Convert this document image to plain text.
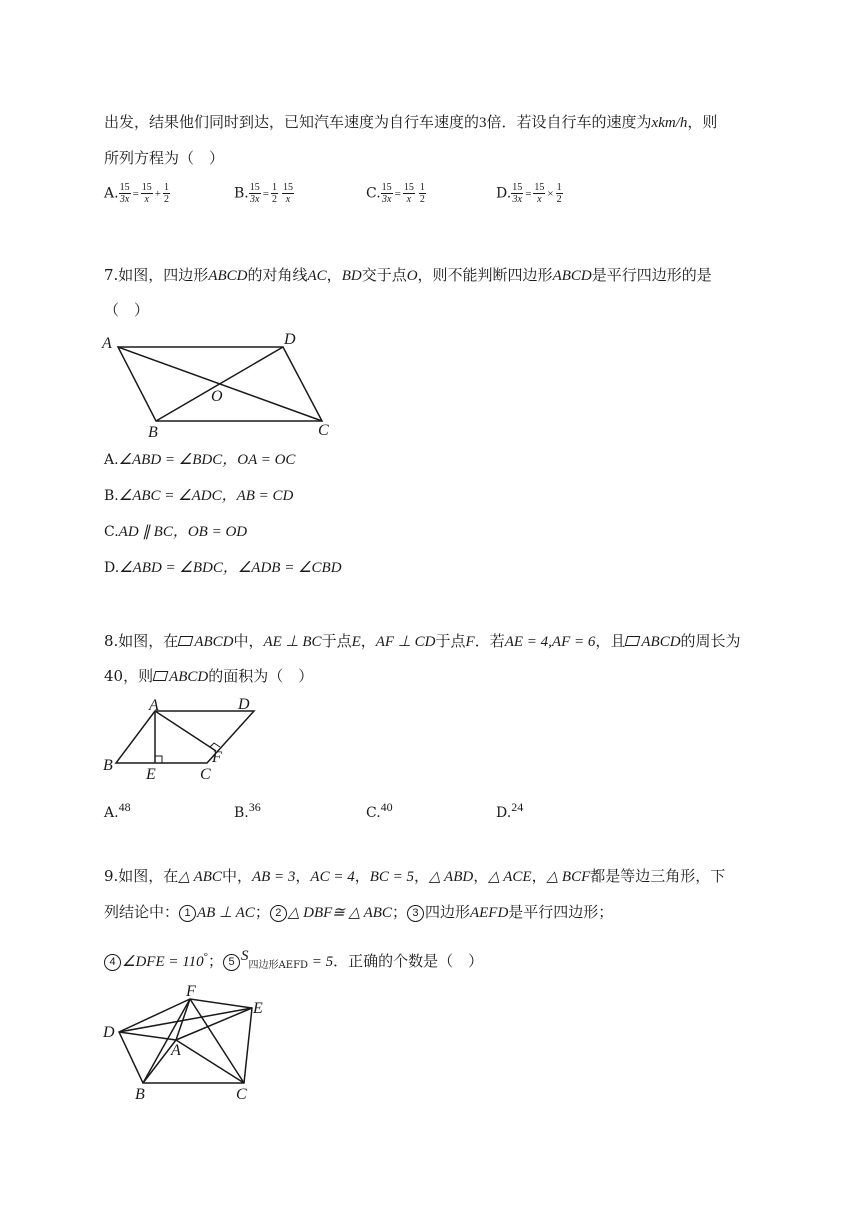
出发，结果他们同时到达，已知汽车速度为自行车速度的3倍．若设自行车的速度为xkm/h，则
所列方程为（　）
A. $\frac{15}{3x} = \frac{15}{x} + \frac{1}{2}$	B. $\frac{15}{3x} = \frac{1}{2} \frac{15}{x}$	C. $\frac{15}{3x} = \frac{15}{x} \frac{1}{2}$	D. $\frac{15}{3x} = \frac{15}{x} \times \frac{1}{2}$
7.如图，四边形ABCD的对角线AC，BD交于点O，则不能判断四边形ABCD是平行四边形的是
（　）
A	D
O
B	C
A.∠ABD = ∠BDC，OA = OC
B.∠ABC = ∠ADC，AB = CD
C.AD ∥ BC，OB = OD
D.∠ABD = ∠BDC，∠ADB = ∠CBD
8.如图，在 ABCD中，AE ⊥ BC于点E，AF ⊥ CD于点F．若AE = 4,AF = 6，且 ABCD的周长为
40，则 ABCD的面积为（　）
A	D
B
E	C
F
A.48	B.36	C.40	D.24
9.如图，在△ ABC中，AB = 3，AC = 4，BC = 5，△ ABD，△ ACE，△ BCF都是等边三角形，下
列结论中： 1 AB ⊥ AC； 2 △ DBF≅ △ ABC； 3 四边形AEFD是平行四边形；
4 ∠DFE = 110°； 5 $S_{四边形AEFD} = 5$．正确的个数是（　）
F
E
D
A
B	C
